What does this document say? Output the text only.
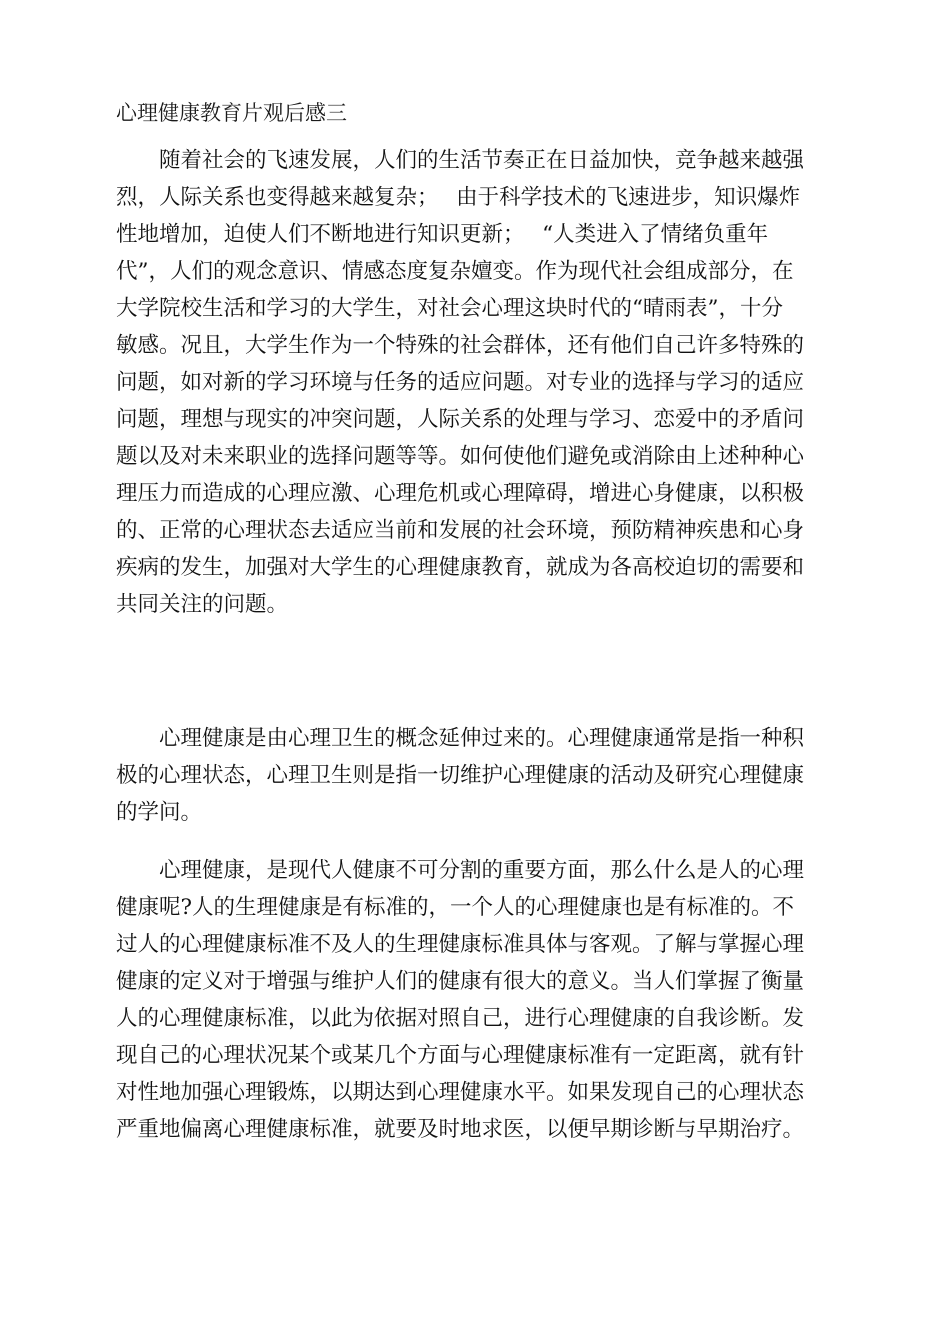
心理健康教育片观后感三

随着社会的飞速发展，人们的生活节奏正在日益加快，竞争越来越强
烈，人际关系也变得越来越复杂；　 由于科学技术的飞速进步，知识爆炸
性地增加，迫使人们不断地进行知识更新；　 “人类进入了情绪负重年
代”，人们的观念意识、情感态度复杂嬗变。作为现代社会组成部分，在
大学院校生活和学习的大学生，对社会心理这块时代的“晴雨表”，十分
敏感。况且，大学生作为一个特殊的社会群体，还有他们自己许多特殊的
问题，如对新的学习环境与任务的适应问题。对专业的选择与学习的适应
问题，理想与现实的冲突问题，人际关系的处理与学习、恋爱中的矛盾问
题以及对未来职业的选择问题等等。如何使他们避免或消除由上述种种心
理压力而造成的心理应激、心理危机或心理障碍，增进心身健康，以积极
的、正常的心理状态去适应当前和发展的社会环境，预防精神疾患和心身
疾病的发生，加强对大学生的心理健康教育，就成为各高校迫切的需要和
共同关注的问题。

心理健康是由心理卫生的概念延伸过来的。心理健康通常是指一种积
极的心理状态，心理卫生则是指一切维护心理健康的活动及研究心理健康
的学问。

心理健康，是现代人健康不可分割的重要方面，那么什么是人的心理
健康呢?人的生理健康是有标准的，一个人的心理健康也是有标准的。不
过人的心理健康标准不及人的生理健康标准具体与客观。了解与掌握心理
健康的定义对于增强与维护人们的健康有很大的意义。当人们掌握了衡量
人的心理健康标准，以此为依据对照自己，进行心理健康的自我诊断。发
现自己的心理状况某个或某几个方面与心理健康标准有一定距离，就有针
对性地加强心理锻炼，以期达到心理健康水平。如果发现自己的心理状态
严重地偏离心理健康标准，就要及时地求医，以便早期诊断与早期治疗。
